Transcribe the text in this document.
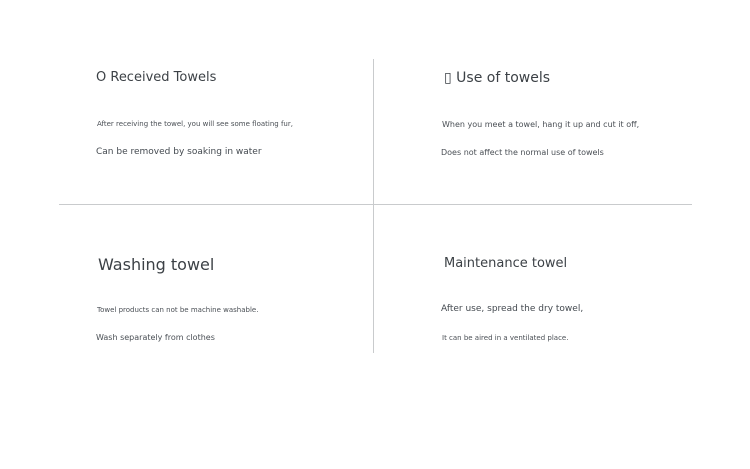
O Received Towels
After receiving the towel, you will see some floating fur,
Can be removed by soaking in water
▯ Use of towels
When you meet a towel, hang it up and cut it off,
Does not affect the normal use of towels
Washing towel
Towel products can not be machine washable.
Wash separately from clothes
Maintenance towel
After use, spread the dry towel,
It can be aired in a ventilated place.
